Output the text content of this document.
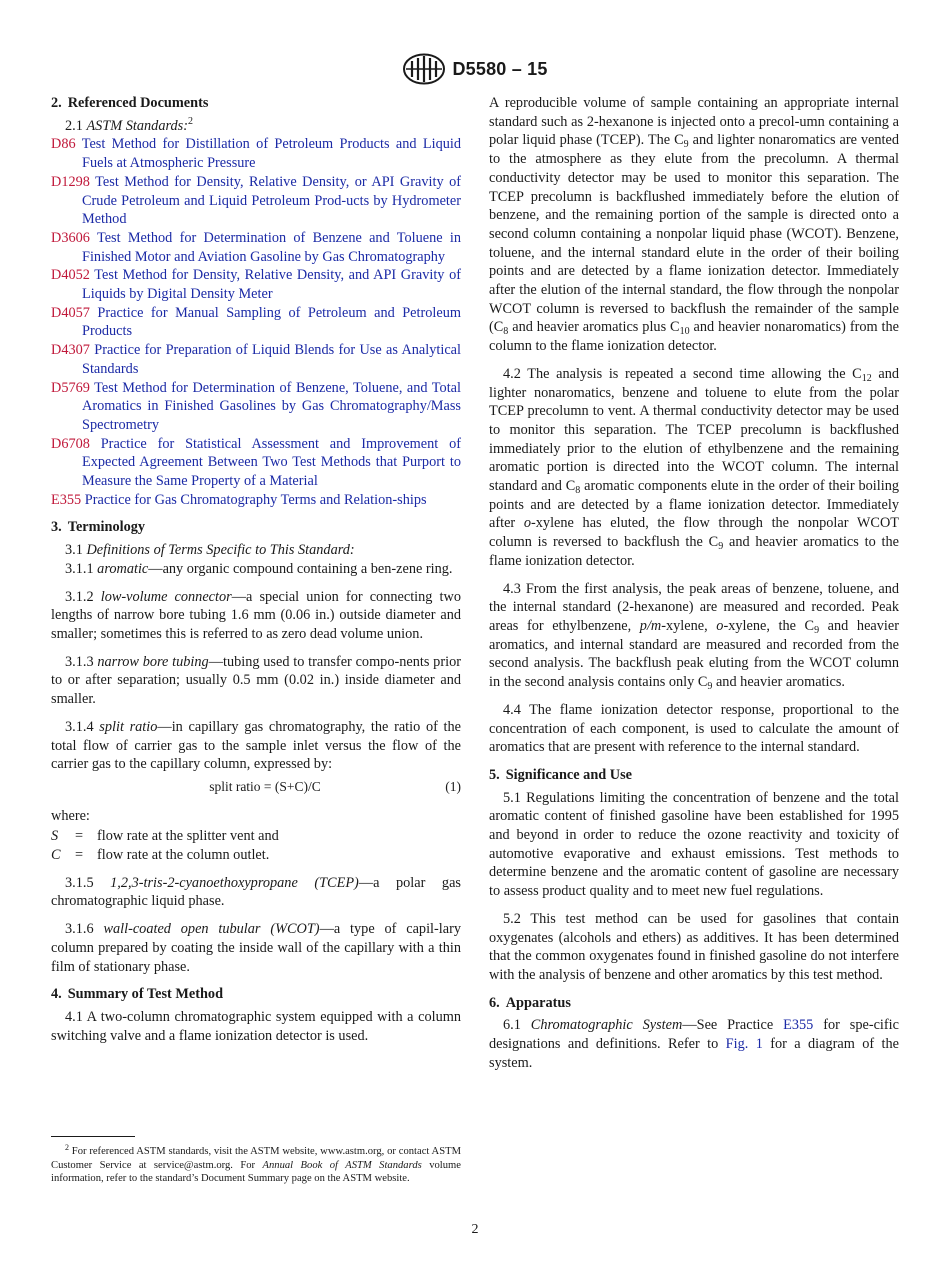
D5580 – 15
2. Referenced Documents
2.1 ASTM Standards:$^2$
D86 Test Method for Distillation of Petroleum Products and Liquid Fuels at Atmospheric Pressure
D1298 Test Method for Density, Relative Density, or API Gravity of Crude Petroleum and Liquid Petroleum Prod-ucts by Hydrometer Method
D3606 Test Method for Determination of Benzene and Toluene in Finished Motor and Aviation Gasoline by Gas Chromatography
D4052 Test Method for Density, Relative Density, and API Gravity of Liquids by Digital Density Meter
D4057 Practice for Manual Sampling of Petroleum and Petroleum Products
D4307 Practice for Preparation of Liquid Blends for Use as Analytical Standards
D5769 Test Method for Determination of Benzene, Toluene, and Total Aromatics in Finished Gasolines by Gas Chromatography/Mass Spectrometry
D6708 Practice for Statistical Assessment and Improvement of Expected Agreement Between Two Test Methods that Purport to Measure the Same Property of a Material
E355 Practice for Gas Chromatography Terms and Relation-ships
3. Terminology

3.1 Definitions of Terms Specific to This Standard:

3.1.1 aromatic—any organic compound containing a ben-zene ring.

3.1.2 low-volume connector—a special union for connecting two lengths of narrow bore tubing 1.6 mm (0.06 in.) outside diameter and smaller; sometimes this is referred to as zero dead volume union.

3.1.3 narrow bore tubing—tubing used to transfer compo-nents prior to or after separation; usually 0.5 mm (0.02 in.) inside diameter and smaller.

3.1.4 split ratio—in capillary gas chromatography, the ratio of the total flow of carrier gas to the sample inlet versus the flow of the carrier gas to the capillary column, expressed by:

split ratio = (S+C)/C	(1)
where:
S	= flow rate at the splitter vent and
C	= flow rate at the column outlet.

3.1.5 1,2,3-tris-2-cyanoethoxypropane (TCEP)—a polar gas chromatographic liquid phase.

3.1.6 wall-coated open tubular (WCOT)—a type of capil-lary column prepared by coating the inside wall of the capillary with a thin film of stationary phase.

4. Summary of Test Method

4.1 A two-column chromatographic system equipped with a column switching valve and a flame ionization detector is used.

$^2$ For referenced ASTM standards, visit the ASTM website, www.astm.org, or contact ASTM Customer Service at service@astm.org. For Annual Book of ASTM Standards volume information, refer to the standard’s Document Summary page on the ASTM website.

A reproducible volume of sample containing an appropriate internal standard such as 2-hexanone is injected onto a precol-umn containing a polar liquid phase (TCEP). The $C_9$ and lighter nonaromatics are vented to the atmosphere as they elute from the precolumn. A thermal conductivity detector may be used to monitor this separation. The TCEP precolumn is backflushed immediately before the elution of benzene, and the remaining portion of the sample is directed onto a second column containing a nonpolar liquid phase (WCOT). Benzene, toluene, and the internal standard elute in the order of their boiling points and are detected by a flame ionization detector. Immediately after the elution of the internal standard, the flow through the nonpolar WCOT column is reversed to backflush the remainder of the sample ($C_8$ and heavier aromatics plus $C_{10}$ and heavier nonaromatics) from the column to the flame ionization detector.

4.2 The analysis is repeated a second time allowing the $C_{12}$ and lighter nonaromatics, benzene and toluene to elute from the polar TCEP precolumn to vent. A thermal conductivity detector may be used to monitor this separation. The TCEP precolumn is backflushed immediately prior to the elution of ethylbenzene and the remaining aromatic portion is directed into the WCOT column. The internal standard and $C_8$ aromatic components elute in the order of their boiling points and are detected by a flame ionization detector. Immediately after o-xylene has eluted, the flow through the nonpolar WCOT column is reversed to backflush the $C_9$ and heavier aromatics to the flame ionization detector.

4.3 From the first analysis, the peak areas of benzene, toluene, and the internal standard (2-hexanone) are measured and recorded. Peak areas for ethylbenzene, p/m-xylene, o-xylene, the $C_9$ and heavier aromatics, and internal standard are measured and recorded from the second analysis. The backflush peak eluting from the WCOT column in the second analysis contains only $C_9$ and heavier aromatics.

4.4 The flame ionization detector response, proportional to the concentration of each component, is used to calculate the amount of aromatics that are present with reference to the internal standard.

5. Significance and Use

5.1 Regulations limiting the concentration of benzene and the total aromatic content of finished gasoline have been established for 1995 and beyond in order to reduce the ozone reactivity and toxicity of automotive evaporative and exhaust emissions. Test methods to determine benzene and the aromatic content of gasoline are necessary to assess product quality and to meet new fuel regulations.

5.2 This test method can be used for gasolines that contain oxygenates (alcohols and ethers) as additives. It has been determined that the common oxygenates found in finished gasoline do not interfere with the analysis of benzene and other aromatics by this test method.

6. Apparatus

6.1 Chromatographic System—See Practice E355 for spe-cific designations and definitions. Refer to Fig. 1 for a diagram of the system.

2
